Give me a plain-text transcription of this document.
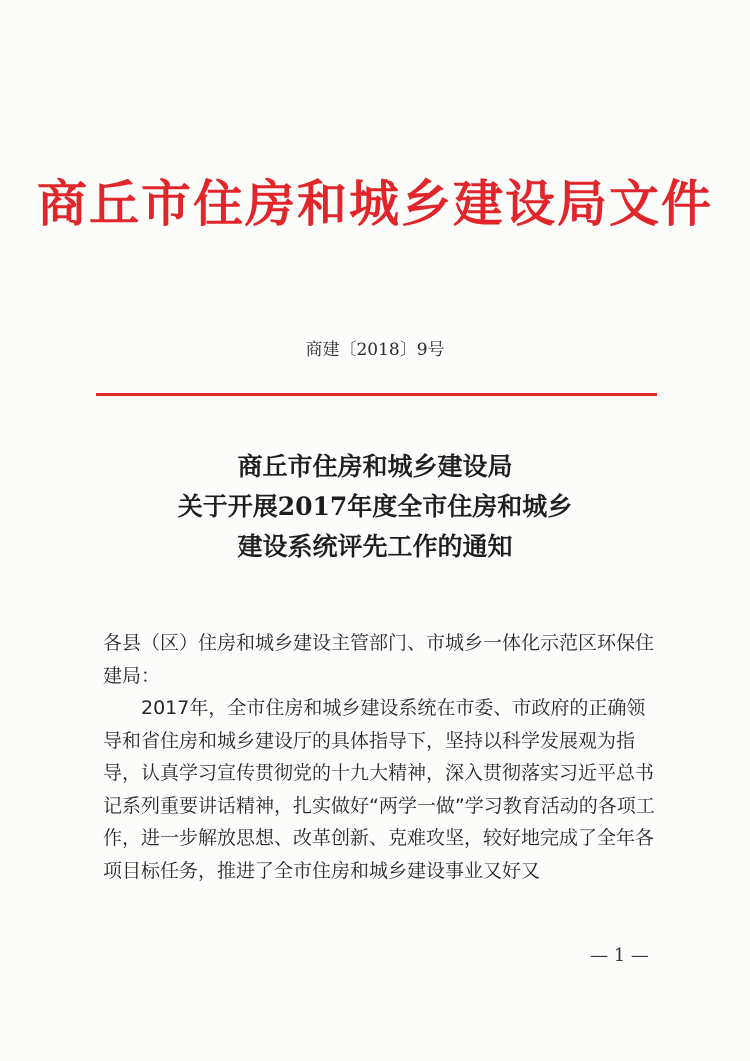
商丘市住房和城乡建设局文件
商建〔2018〕9号
商丘市住房和城乡建设局
关于开展2017年度全市住房和城乡
建设系统评先工作的通知

各县（区）住房和城乡建设主管部门、市城乡一体化示范区环保住建局：

2017年，全市住房和城乡建设系统在市委、市政府的正确领导和省住房和城乡建设厅的具体指导下，坚持以科学发展观为指导，认真学习宣传贯彻党的十九大精神，深入贯彻落实习近平总书记系列重要讲话精神，扎实做好“两学一做”学习教育活动的各项工作，进一步解放思想、改革创新、克难攻坚，较好地完成了全年各项目标任务，推进了全市住房和城乡建设事业又好又

— 1 —
